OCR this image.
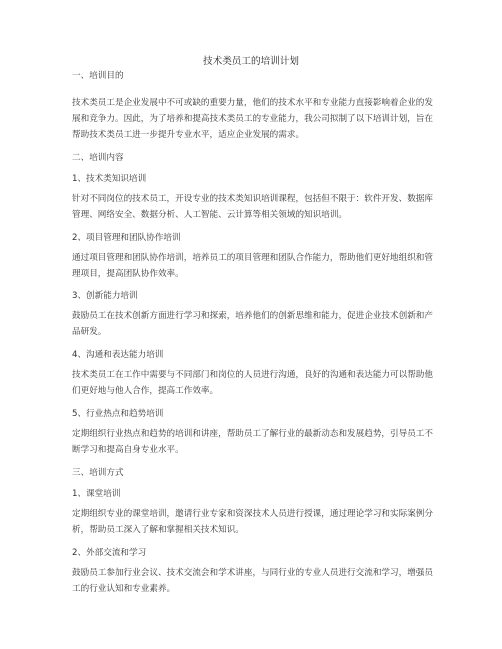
技术类员工的培训计划
一、培训目的
技术类员工是企业发展中不可或缺的重要力量，他们的技术水平和专业能力直接影响着企业的发展和竞争力。因此，为了培养和提高技术类员工的专业能力，我公司拟制了以下培训计划，旨在帮助技术类员工进一步提升专业水平，适应企业发展的需求。
二、培训内容
1、技术类知识培训
针对不同岗位的技术员工，开设专业的技术类知识培训课程，包括但不限于：软件开发、数据库管理、网络安全、数据分析、人工智能、云计算等相关领域的知识培训。
2、项目管理和团队协作培训
通过项目管理和团队协作培训，培养员工的项目管理和团队合作能力，帮助他们更好地组织和管理项目，提高团队协作效率。
3、创新能力培训
鼓励员工在技术创新方面进行学习和探索，培养他们的创新思维和能力，促进企业技术创新和产品研发。
4、沟通和表达能力培训
技术类员工在工作中需要与不同部门和岗位的人员进行沟通，良好的沟通和表达能力可以帮助他们更好地与他人合作，提高工作效率。
5、行业热点和趋势培训
定期组织行业热点和趋势的培训和讲座，帮助员工了解行业的最新动态和发展趋势，引导员工不断学习和提高自身专业水平。
三、培训方式
1、课堂培训
定期组织专业的课堂培训，邀请行业专家和资深技术人员进行授课，通过理论学习和实际案例分析，帮助员工深入了解和掌握相关技术知识。
2、外部交流和学习
鼓励员工参加行业会议、技术交流会和学术讲座，与同行业的专业人员进行交流和学习，增强员工的行业认知和专业素养。
